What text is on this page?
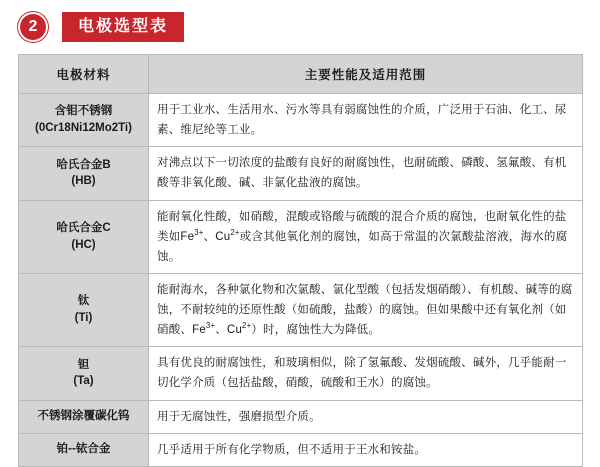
2	电极选型表
电极材料	主要性能及适用范围

含钼不锈钢
(0Cr18Ni12Mo2Ti)	用于工业水、生活用水、污水等具有弱腐蚀性的介质，广泛用于石油、化工、尿素、维尼纶等工业。

哈氏合金B
(HB)	对沸点以下一切浓度的盐酸有良好的耐腐蚀性，也耐硫酸、磷酸、氢氟酸、有机酸等非氧化酸、碱、非氯化盐液的腐蚀。

哈氏合金C
(HC)	能耐氧化性酸，如硝酸，混酸或铬酸与硫酸的混合介质的腐蚀，也耐氧化性的盐类如$Fe^{3+}$、$Cu^{2+}$或含其他氧化剂的腐蚀，如高于常温的次氯酸盐溶液，海水的腐蚀。

钛
(Ti)	能耐海水，各种氯化物和次氯酸、氯化型酸（包括发烟硝酸）、有机酸、碱等的腐蚀，不耐较纯的还原性酸（如硫酸，盐酸）的腐蚀。但如果酸中还有氧化剂（如硝酸、$Fe^{3+}$、$Cu^{2+}$）时，腐蚀性大为降低。

钽
(Ta)	具有优良的耐腐蚀性，和玻璃相似，除了氢氟酸、发烟硫酸、碱外，几乎能耐一切化学介质（包括盐酸，硝酸，硫酸和王水）的腐蚀。
不锈钢涂覆碳化钨	用于无腐蚀性，强磨损型介质。
铂--铱合金	几乎适用于所有化学物质，但不适用于王水和铵盐。
